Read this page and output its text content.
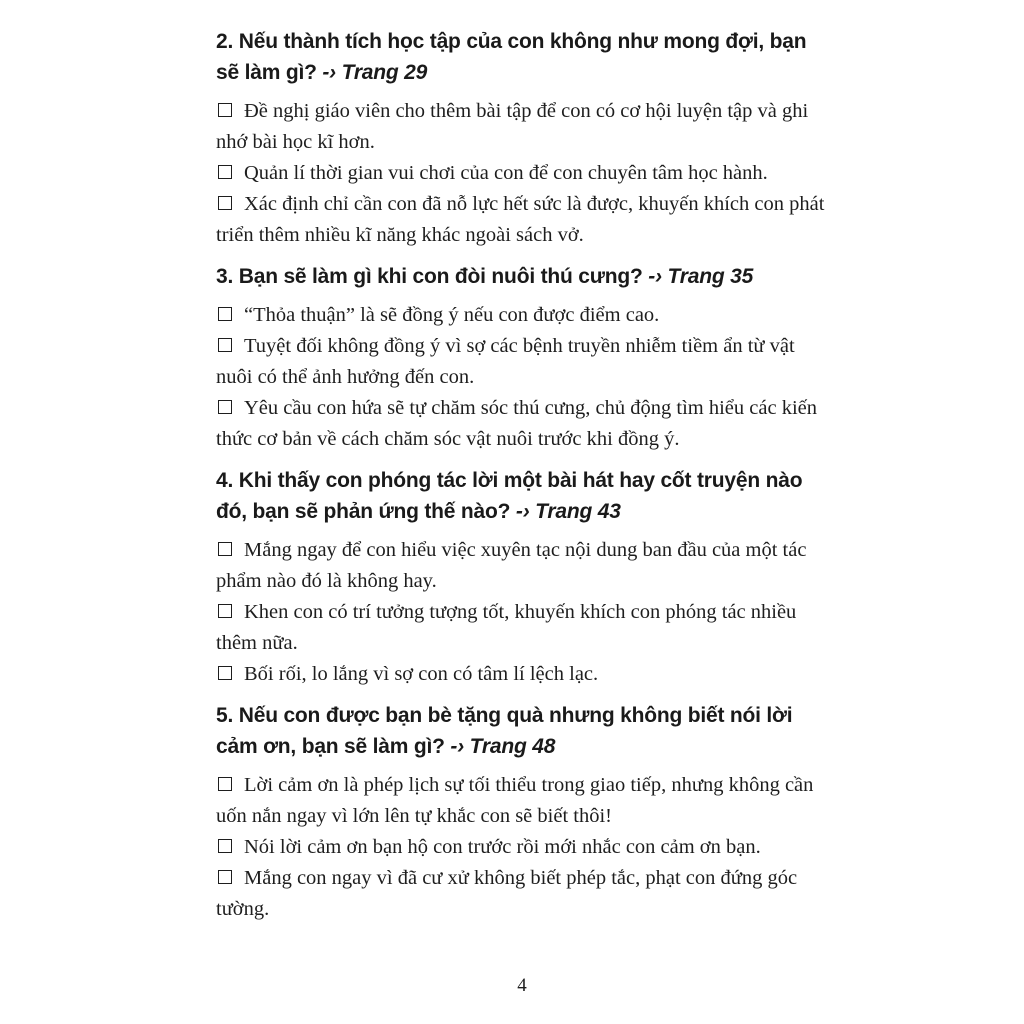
2. Nếu thành tích học tập của con không như mong đợi, bạn sẽ làm gì? -› Trang 29

Đề nghị giáo viên cho thêm bài tập để con có cơ hội luyện tập và ghi nhớ bài học kĩ hơn.

Quản lí thời gian vui chơi của con để con chuyên tâm học hành.

Xác định chỉ cần con đã nỗ lực hết sức là được, khuyến khích con phát triển thêm nhiều kĩ năng khác ngoài sách vở.

3. Bạn sẽ làm gì khi con đòi nuôi thú cưng? -› Trang 35

“Thỏa thuận” là sẽ đồng ý nếu con được điểm cao.

Tuyệt đối không đồng ý vì sợ các bệnh truyền nhiễm tiềm ẩn từ vật nuôi có thể ảnh hưởng đến con.

Yêu cầu con hứa sẽ tự chăm sóc thú cưng, chủ động tìm hiểu các kiến thức cơ bản về cách chăm sóc vật nuôi trước khi đồng ý.

4. Khi thấy con phóng tác lời một bài hát hay cốt truyện nào đó, bạn sẽ phản ứng thế nào? -› Trang 43

Mắng ngay để con hiểu việc xuyên tạc nội dung ban đầu của một tác phẩm nào đó là không hay.

Khen con có trí tưởng tượng tốt, khuyến khích con phóng tác nhiều thêm nữa.

Bối rối, lo lắng vì sợ con có tâm lí lệch lạc.

5. Nếu con được bạn bè tặng quà nhưng không biết nói lời cảm ơn, bạn sẽ làm gì? -› Trang 48

Lời cảm ơn là phép lịch sự tối thiểu trong giao tiếp, nhưng không cần uốn nắn ngay vì lớn lên tự khắc con sẽ biết thôi!

Nói lời cảm ơn bạn hộ con trước rồi mới nhắc con cảm ơn bạn.

Mắng con ngay vì đã cư xử không biết phép tắc, phạt con đứng góc tường.

4
